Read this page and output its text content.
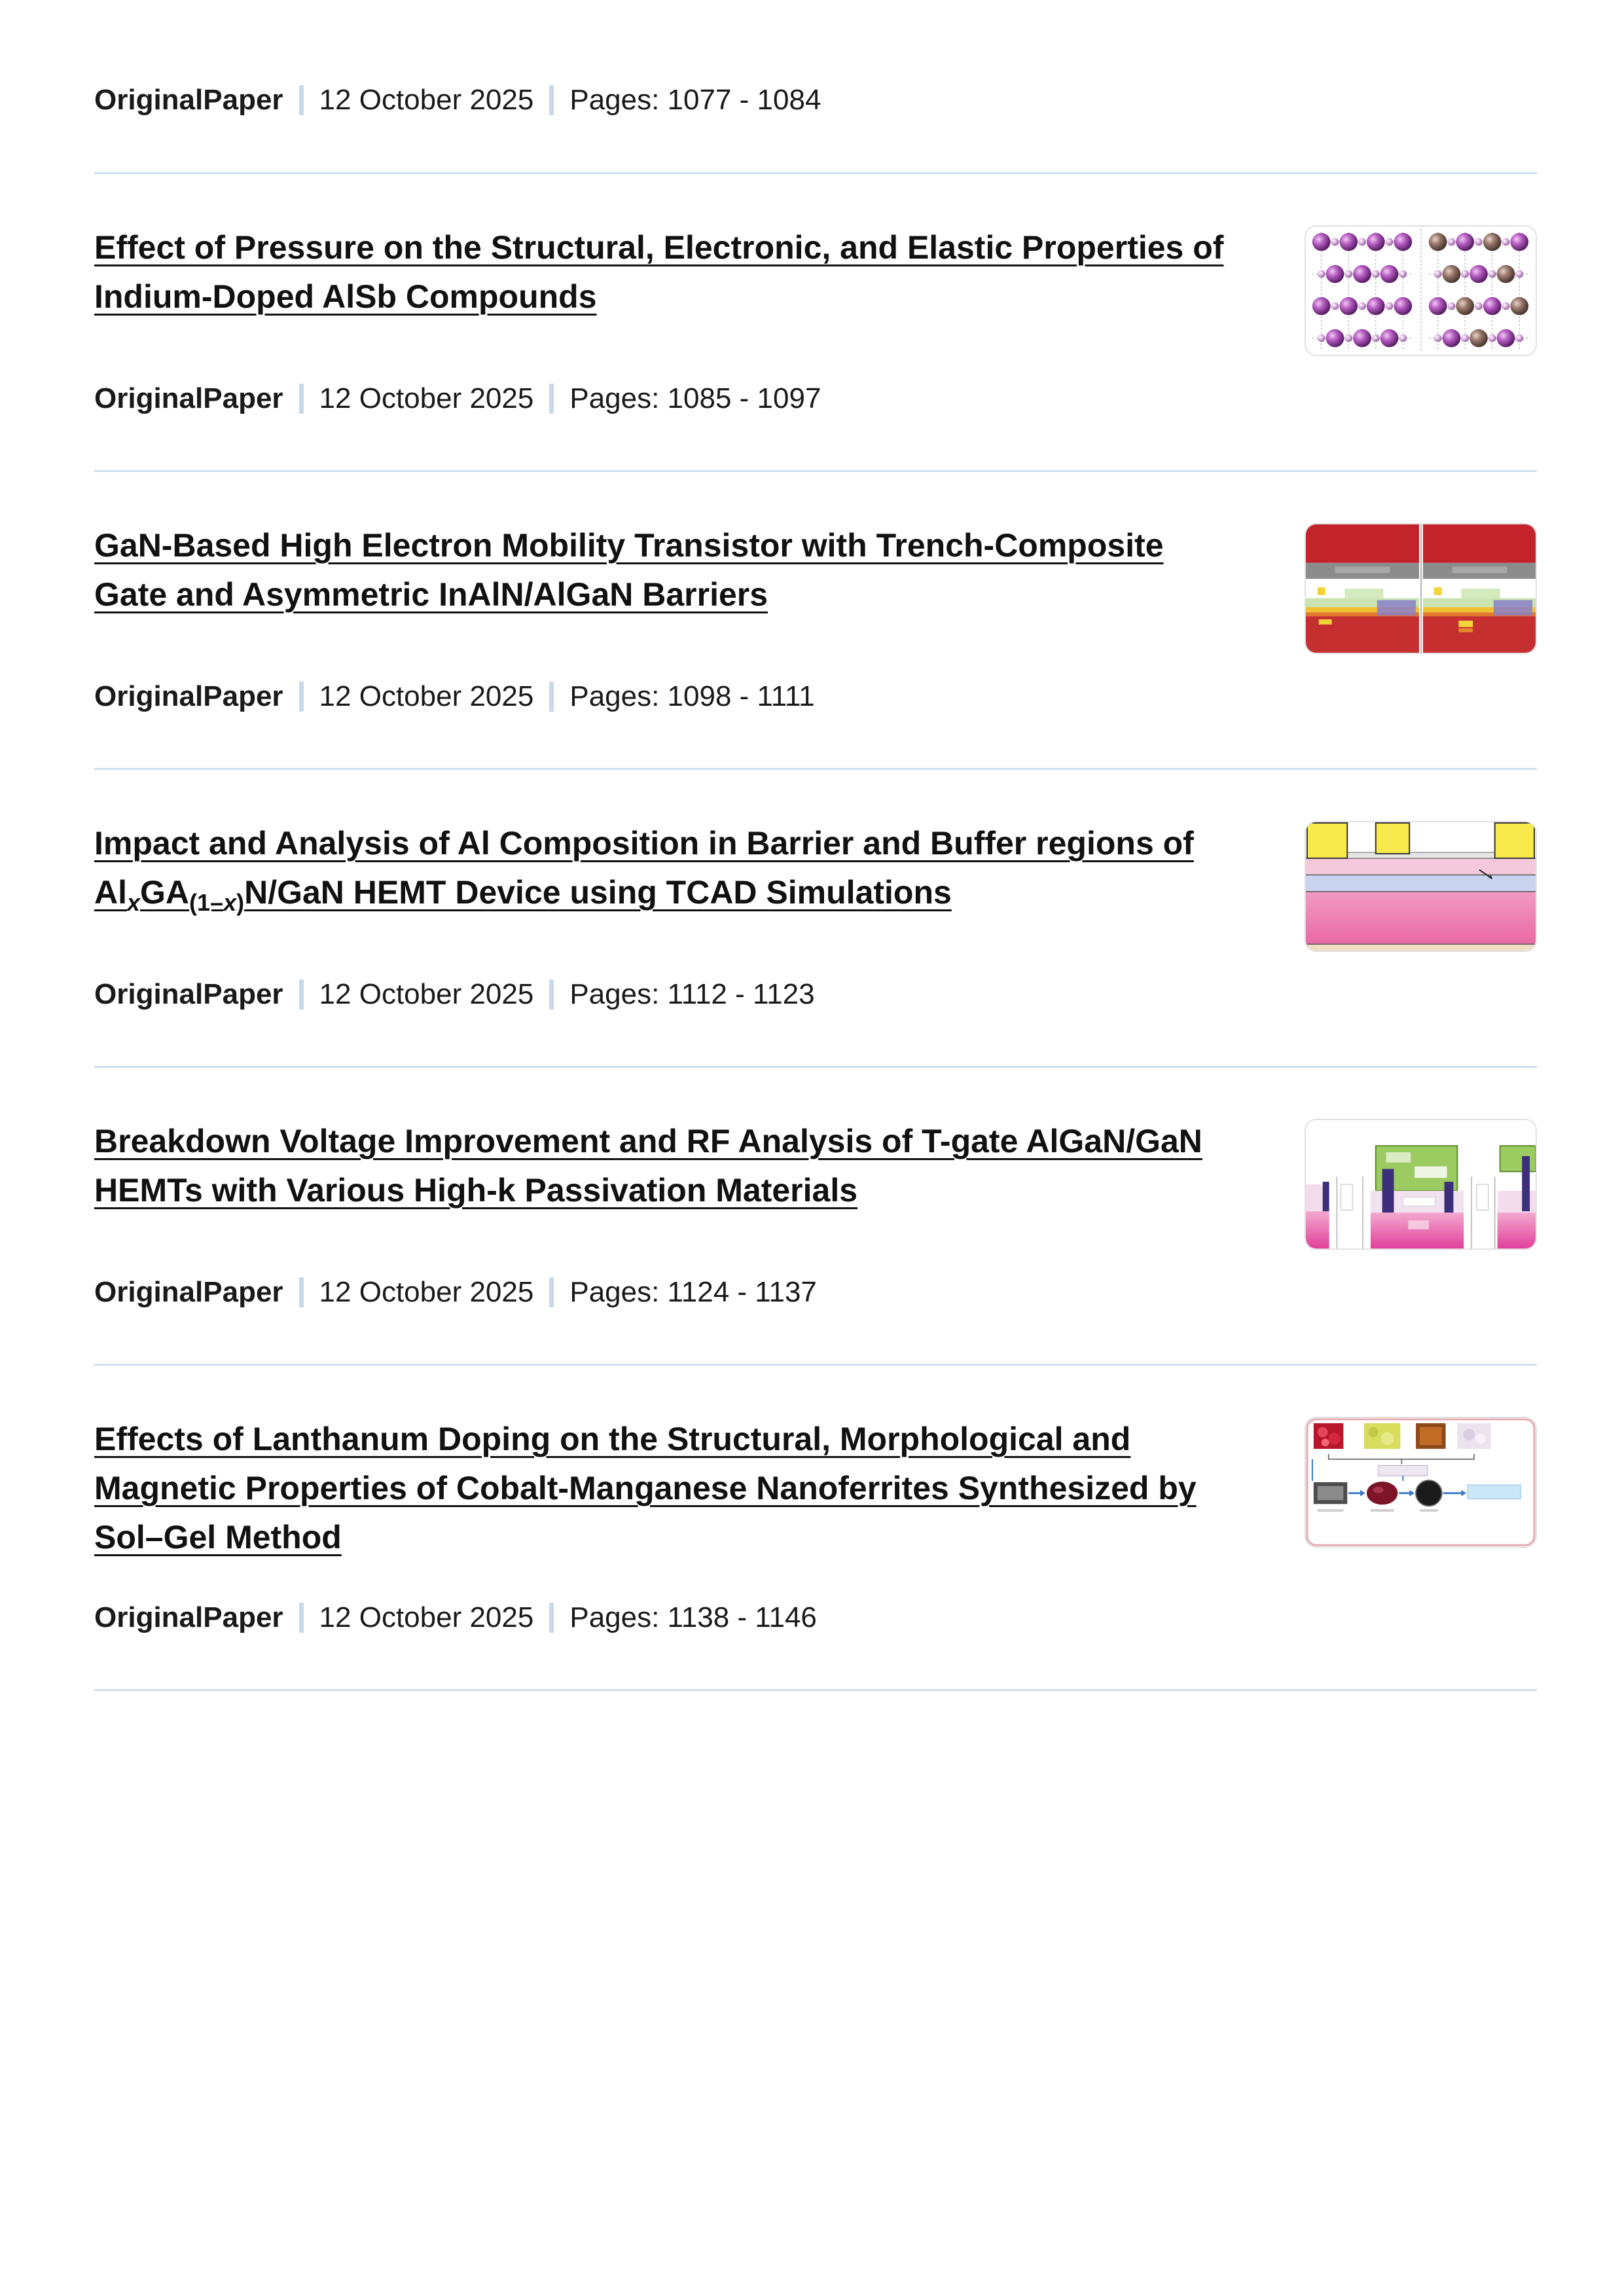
OriginalPaper 12 October 2025 Pages: 1077 - 1084
Effect of Pressure on the Structural, Electronic, and Elastic Properties of
Indium-Doped AlSb Compounds
OriginalPaper 12 October 2025 Pages: 1085 - 1097
GaN-Based High Electron Mobility Transistor with Trench-Composite
Gate and Asymmetric InAlN/AlGaN Barriers
OriginalPaper 12 October 2025 Pages: 1098 - 1111
Impact and Analysis of Al Composition in Barrier and Buffer regions of
$Al_xGA_{(1-x)}N$/GaN HEMT Device using TCAD Simulations
OriginalPaper 12 October 2025 Pages: 1112 - 1123
Breakdown Voltage Improvement and RF Analysis of T-gate AlGaN/GaN
HEMTs with Various High-k Passivation Materials
OriginalPaper 12 October 2025 Pages: 1124 - 1137
Effects of Lanthanum Doping on the Structural, Morphological and
Magnetic Properties of Cobalt-Manganese Nanoferrites Synthesized by
Sol–Gel Method
OriginalPaper 12 October 2025 Pages: 1138 - 1146
